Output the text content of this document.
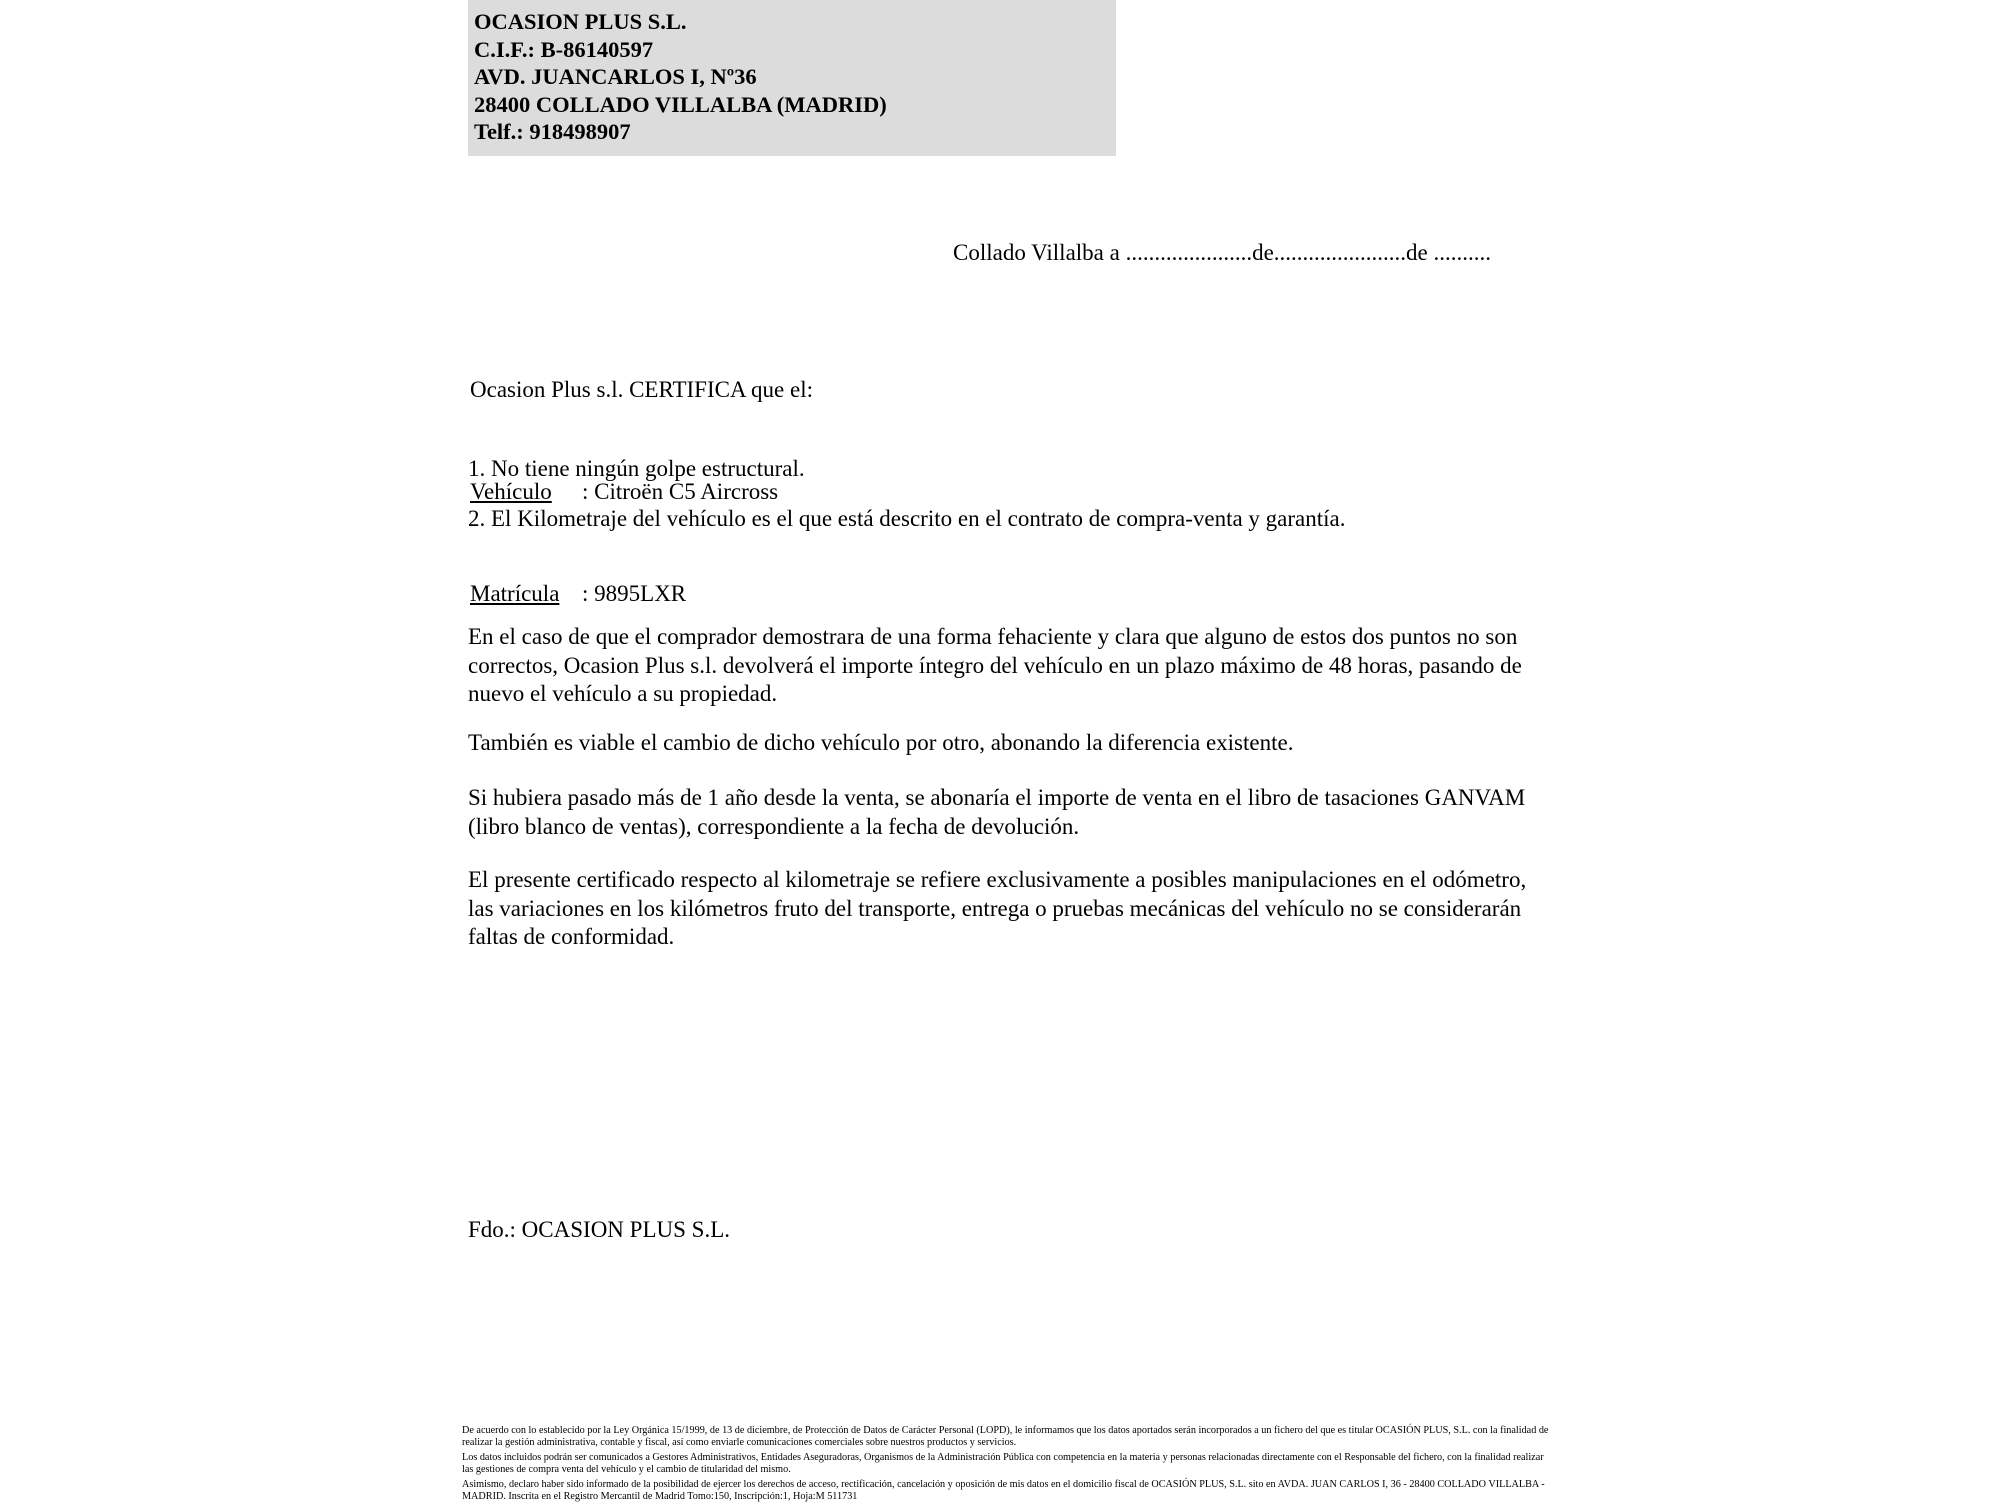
OCASION PLUS S.L.
C.I.F.: B-86140597
AVD. JUANCARLOS I, Nº36
28400 COLLADO VILLALBA (MADRID)
Telf.: 918498907
Collado Villalba a ......................de.......................de ..........

Ocasion Plus s.l. CERTIFICA que el:

Vehículo : Citroën C5 Aircross

Matrícula : 9895LXR

1. No tiene ningún golpe estructural.
2. El Kilometraje del vehículo es el que está descrito en el contrato de compra-venta y garantía.
En el caso de que el comprador demostrara de una forma fehaciente y clara que alguno de estos dos puntos no son correctos, Ocasion Plus s.l. devolverá el importe íntegro del vehículo en un plazo máximo de 48 horas, pasando de nuevo el vehículo a su propiedad.
También es viable el cambio de dicho vehículo por otro, abonando la diferencia existente.
Si hubiera pasado más de 1 año desde la venta, se abonaría el importe de venta en el libro de tasaciones GANVAM (libro blanco de ventas), correspondiente a la fecha de devolución.
El presente certificado respecto al kilometraje se refiere exclusivamente a posibles manipulaciones en el odómetro, las variaciones en los kilómetros fruto del transporte, entrega o pruebas mecánicas del vehículo no se considerarán faltas de conformidad.
Fdo.: OCASION PLUS S.L.

De acuerdo con lo establecido por la Ley Orgánica 15/1999, de 13 de diciembre, de Protección de Datos de Carácter Personal (LOPD), le informamos que los datos aportados serán incorporados a un fichero del que es titular OCASIÓN PLUS, S.L. con la finalidad de realizar la gestión administrativa, contable y fiscal, así como enviarle comunicaciones comerciales sobre nuestros productos y servicios.

Los datos incluidos podrán ser comunicados a Gestores Administrativos, Entidades Aseguradoras, Organismos de la Administración Pública con competencia en la materia y personas relacionadas directamente con el Responsable del fichero, con la finalidad realizar las gestiones de compra venta del vehículo y el cambio de titularidad del mismo.

Asimismo, declaro haber sido informado de la posibilidad de ejercer los derechos de acceso, rectificación, cancelación y oposición de mis datos en el domicilio fiscal de OCASIÓN PLUS, S.L. sito en AVDA. JUAN CARLOS I, 36 - 28400 COLLADO VILLALBA - MADRID. Inscrita en el Registro Mercantil de Madrid Tomo:150, Inscripción:1, Hoja:M 511731
